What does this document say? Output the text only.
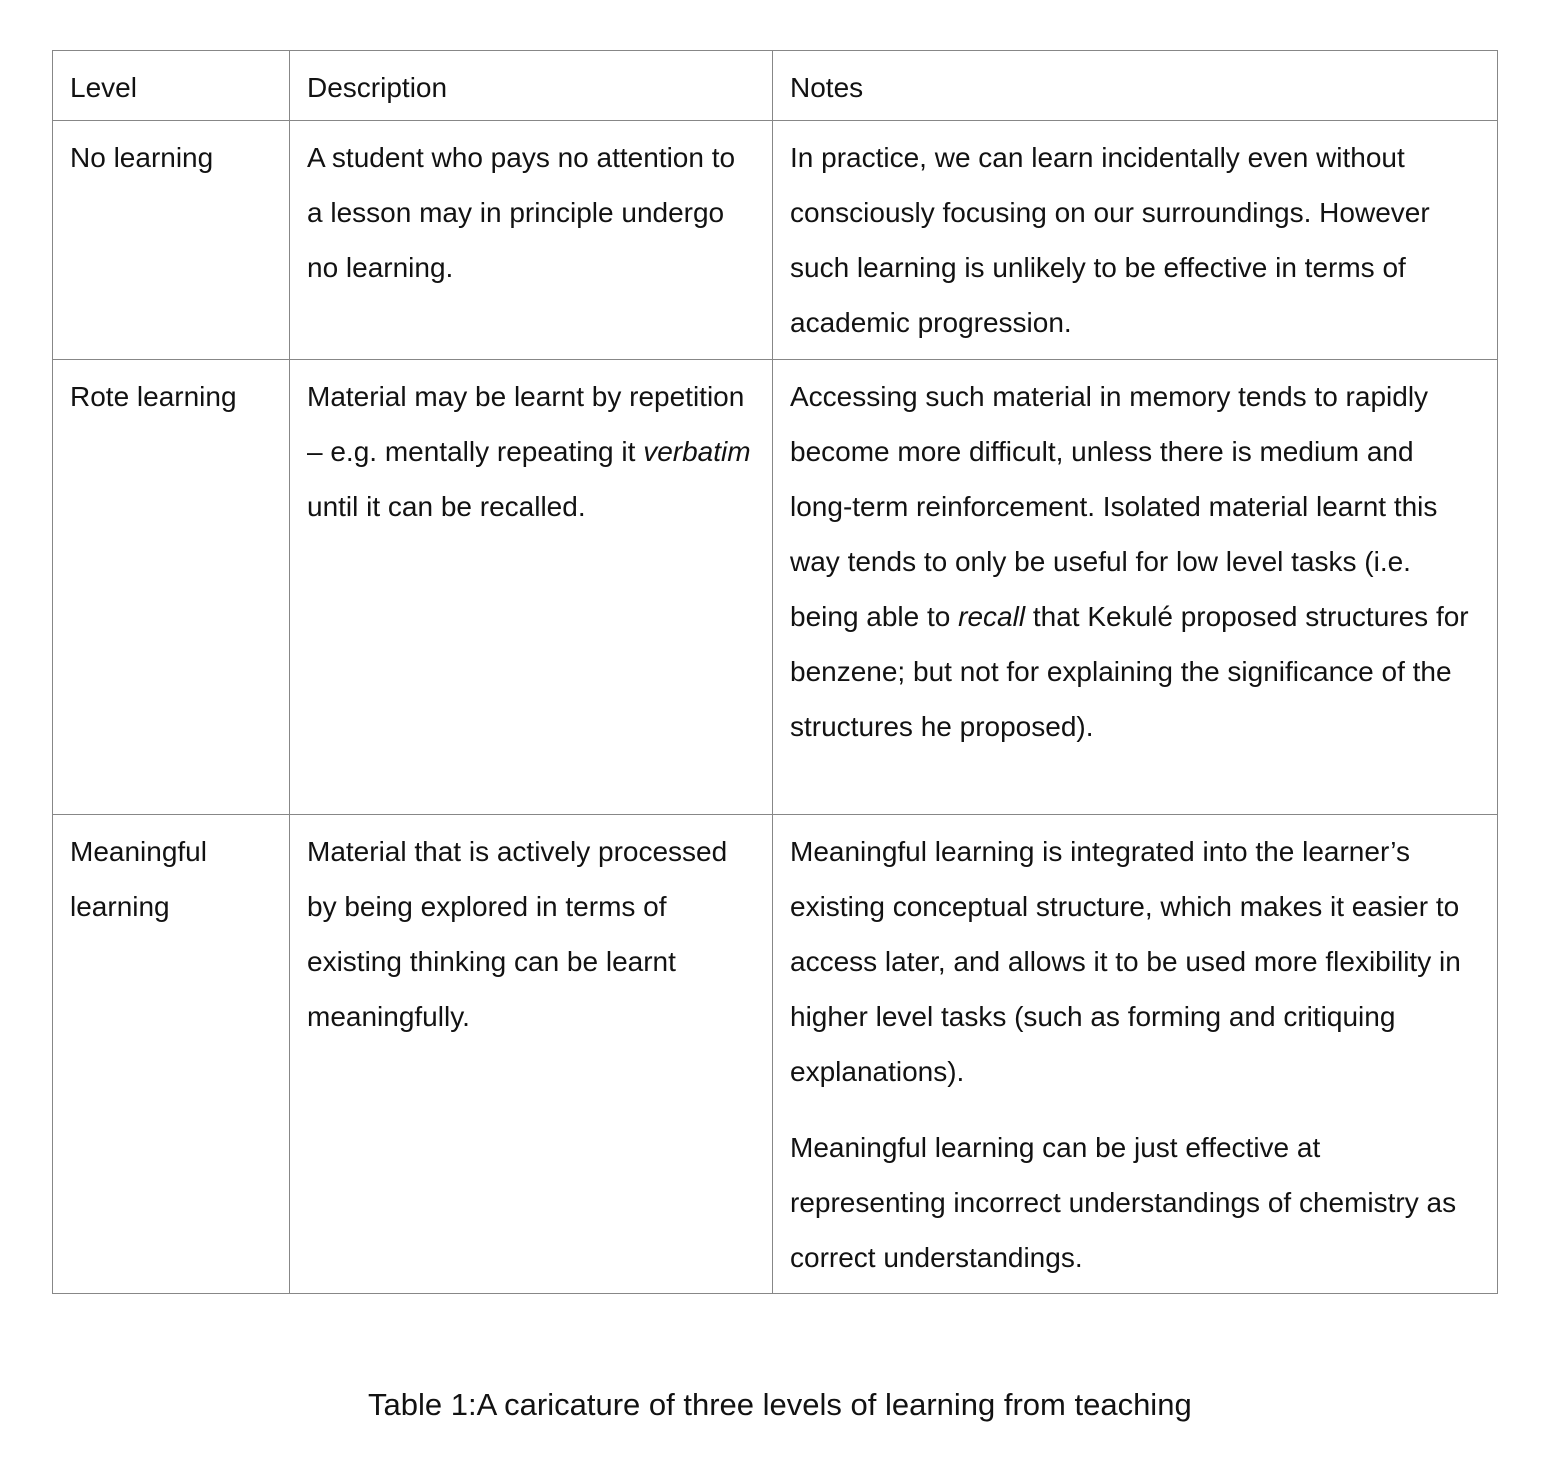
Level	Description	Notes
No learning	A student who pays no attention to a lesson may in principle undergo no learning.	In practice, we can learn incidentally even without consciously focusing on our surroundings. However such learning is unlikely to be effective in terms of academic progression.

Rote learning	Material may be learnt by repetition – e.g. mentally repeating it verbatim until it can be recalled.	Accessing such material in memory tends to rapidly become more difficult, unless there is medium and long-term reinforcement. Isolated material learnt this way tends to only be useful for low level tasks (i.e. being able to recall that Kekulé proposed structures for benzene; but not for explaining the significance of the structures he proposed).

Meaningful learning	Material that is actively processed by being explored in terms of existing thinking can be learnt meaningfully.	Meaningful learning is integrated into the learner’s existing conceptual structure, which makes it easier to access later, and allows it to be used more flexibility in higher level tasks (such as forming and critiquing explanations).

Meaningful learning can be just effective at representing incorrect understandings of chemistry as correct understandings.

Table 1:A caricature of three levels of learning from teaching
